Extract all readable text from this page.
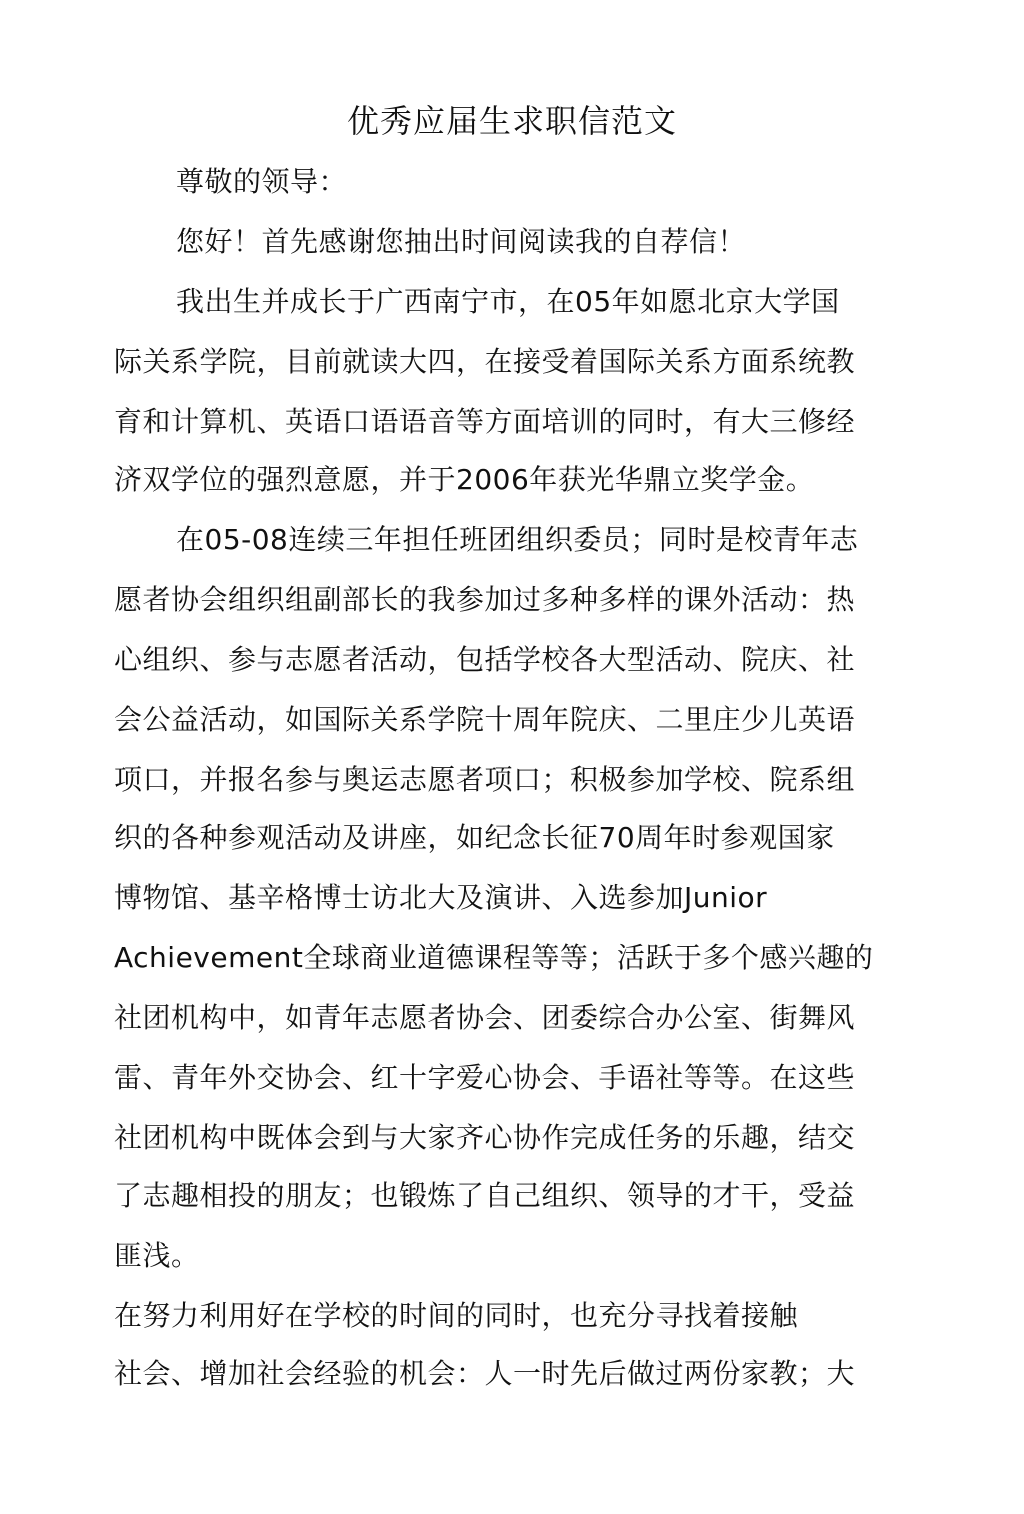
优秀应届生求职信范文
尊敬的领导：
您好！首先感谢您抽出时间阅读我的自荐信！
我出生并成长于广西南宁市，在05年如愿北京大学国
际关系学院，目前就读大四，在接受着国际关系方面系统教
育和计算机、英语口语语音等方面培训的同时，有大三修经
济双学位的强烈意愿，并于2006年获光华鼎立奖学金。
在05-08连续三年担任班团组织委员；同时是校青年志
愿者协会组织组副部长的我参加过多种多样的课外活动：热
心组织、参与志愿者活动，包括学校各大型活动、院庆、社
会公益活动，如国际关系学院十周年院庆、二里庄少儿英语
项口，并报名参与奥运志愿者项口；积极参加学校、院系组
织的各种参观活动及讲座，如纪念长征70周年时参观国家
博物馆、基辛格博士访北大及演讲、入选参加Junior
Achievement全球商业道德课程等等；活跃于多个感兴趣的
社团机构中，如青年志愿者协会、团委综合办公室、街舞风
雷、青年外交协会、红十字爱心协会、手语社等等。在这些
社团机构中既体会到与大家齐心协作完成任务的乐趣，结交
了志趣相投的朋友；也锻炼了自己组织、领导的才干，受益
匪浅。
在努力利用好在学校的时间的同时，也充分寻找着接触
社会、增加社会经验的机会：人一时先后做过两份家教；大
